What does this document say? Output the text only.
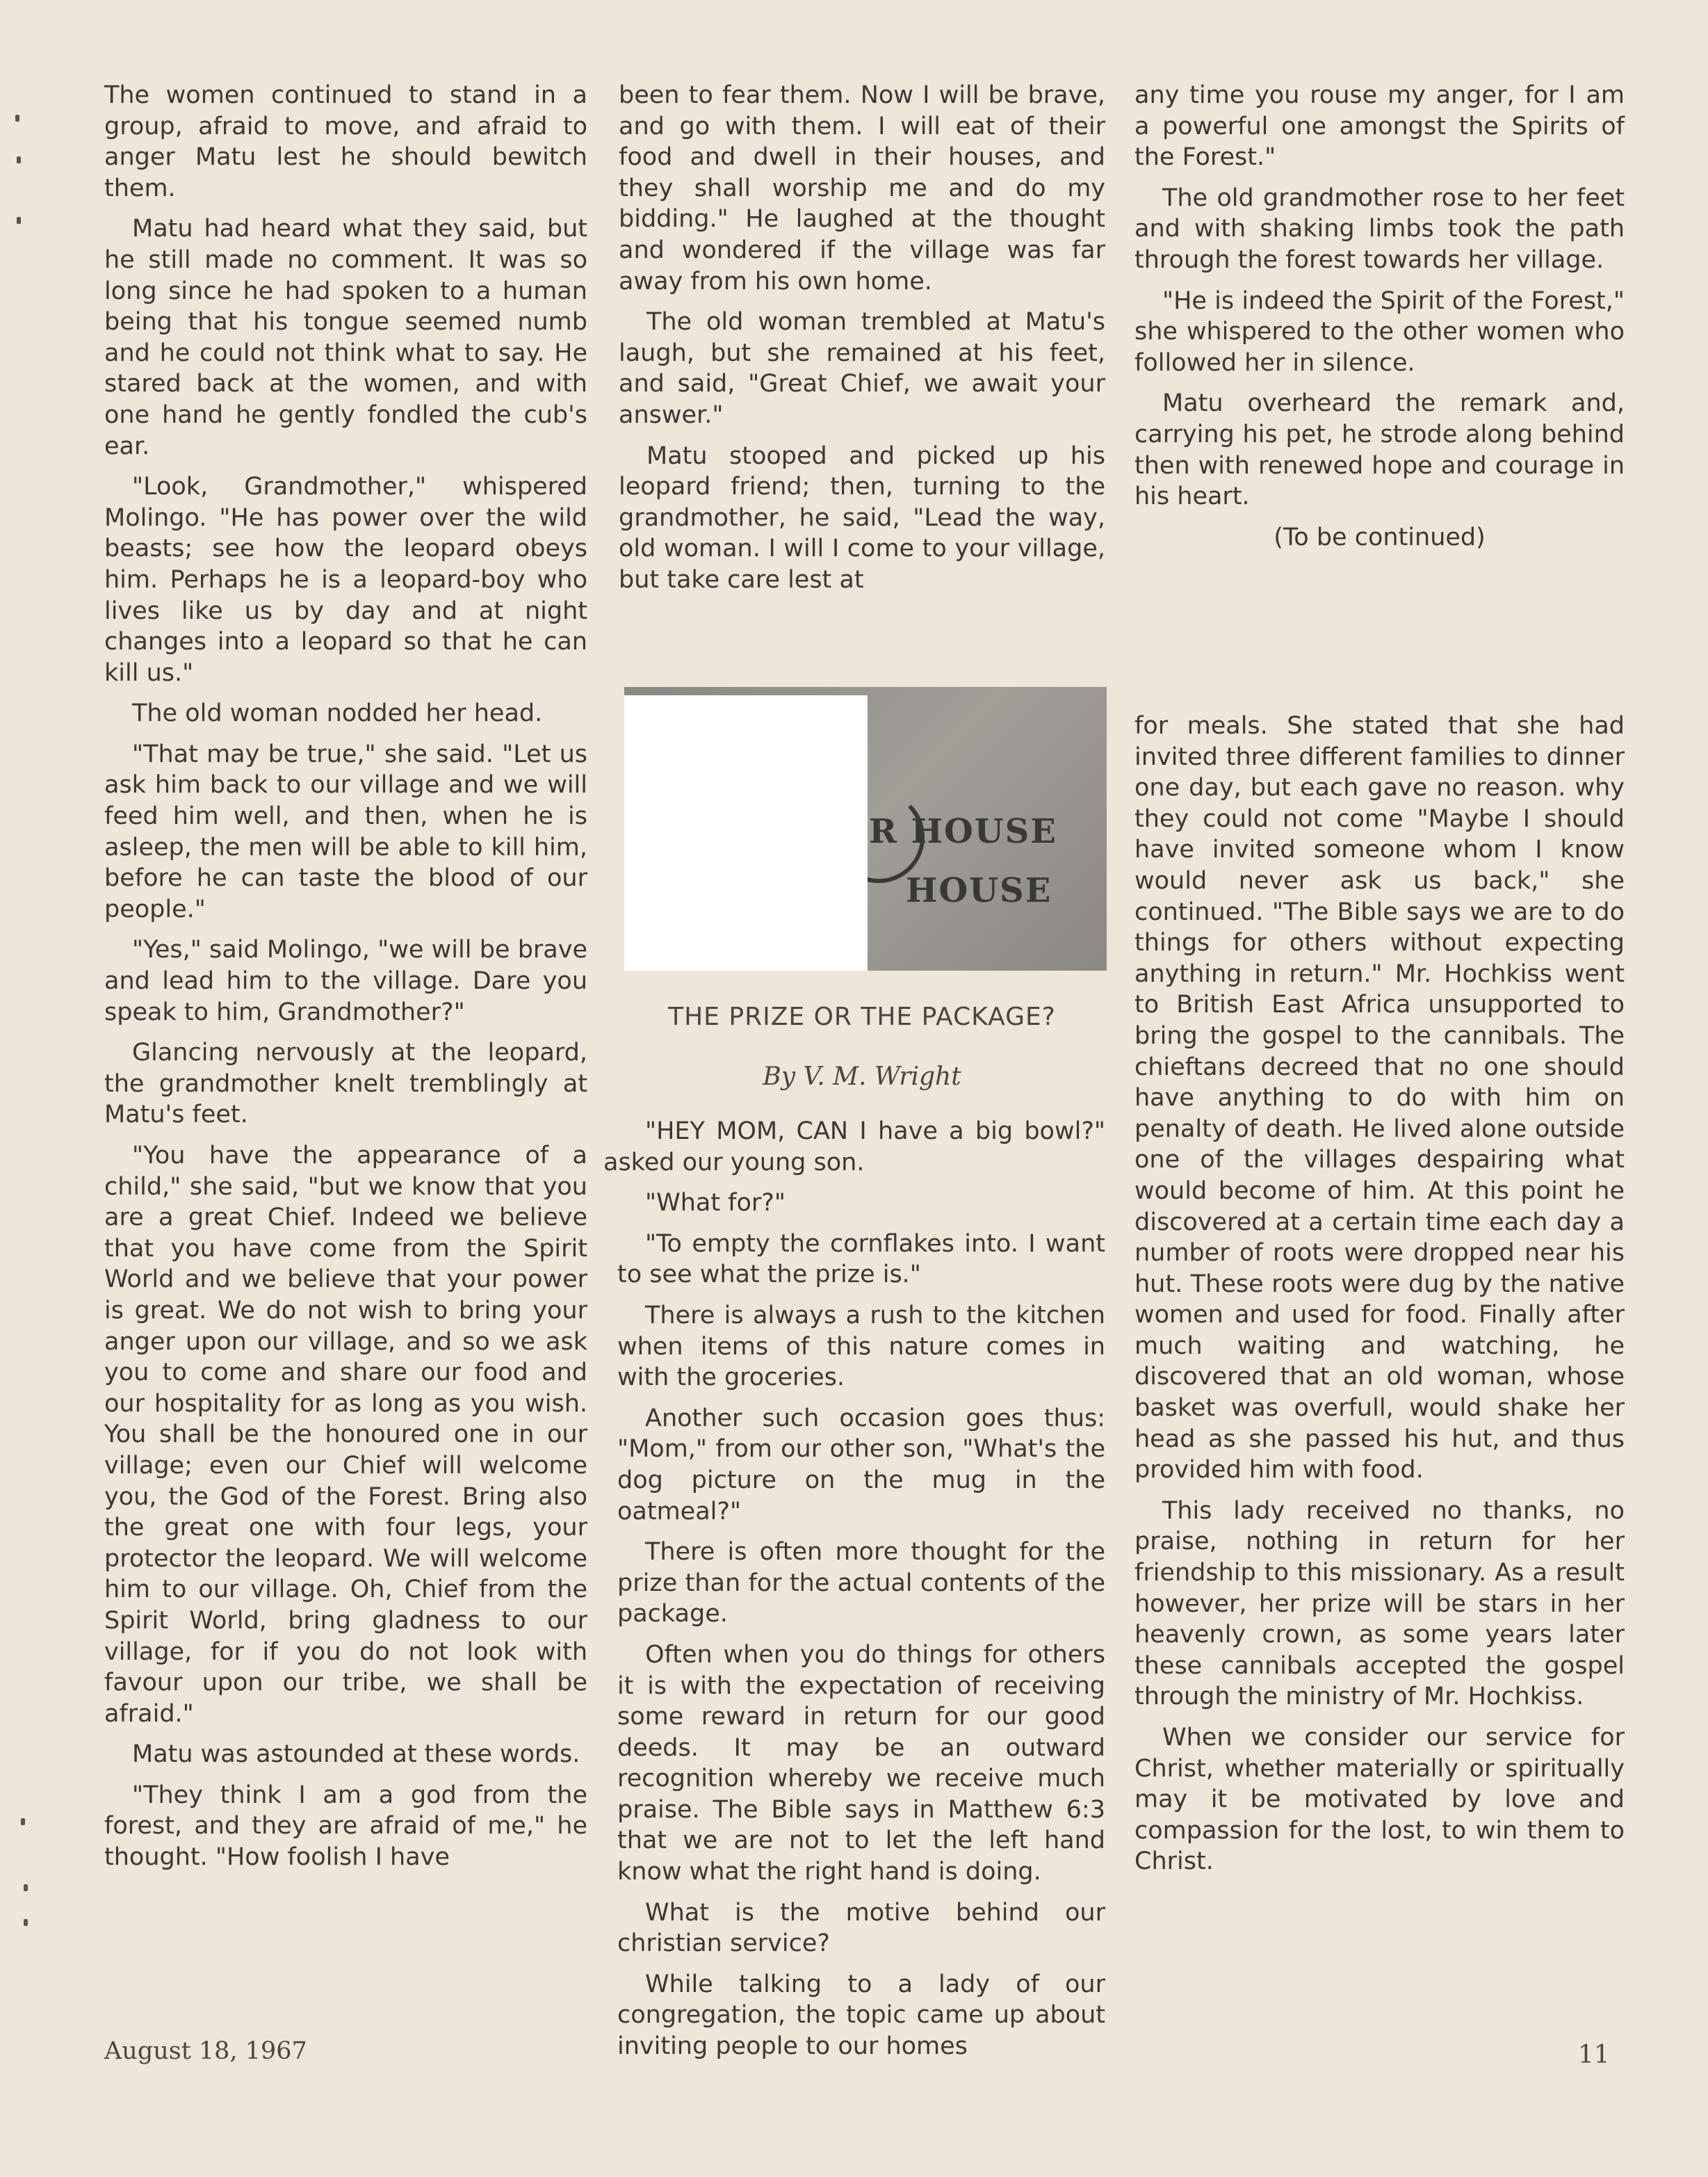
The women continued to stand in a group, afraid to move, and afraid to anger Matu lest he should bewitch them.

Matu had heard what they said, but he still made no comment. It was so long since he had spoken to a human being that his tongue seemed numb and he could not think what to say. He stared back at the women, and with one hand he gently fondled the cub's ear.

"Look, Grandmother," whispered Molingo. "He has power over the wild beasts; see how the leopard obeys him. Perhaps he is a leopard-boy who lives like us by day and at night changes into a leopard so that he can kill us."

The old woman nodded her head.

"That may be true," she said. "Let us ask him back to our village and we will feed him well, and then, when he is asleep, the men will be able to kill him, before he can taste the blood of our people."

"Yes," said Molingo, "we will be brave and lead him to the village. Dare you speak to him, Grandmother?"

Glancing nervously at the leopard, the grandmother knelt tremblingly at Matu's feet.

"You have the appearance of a child," she said, "but we know that you are a great Chief. Indeed we believe that you have come from the Spirit World and we believe that your power is great. We do not wish to bring your anger upon our village, and so we ask you to come and share our food and our hospitality for as long as you wish. You shall be the honoured one in our village; even our Chief will welcome you, the God of the Forest. Bring also the great one with four legs, your protector the leopard. We will welcome him to our village. Oh, Chief from the Spirit World, bring gladness to our village, for if you do not look with favour upon our tribe, we shall be afraid."

Matu was astounded at these words.

"They think I am a god from the forest, and they are afraid of me," he thought. "How foolish I have

been to fear them. Now I will be brave, and go with them. I will eat of their food and dwell in their houses, and they shall worship me and do my bidding." He laughed at the thought and wondered if the village was far away from his own home.

The old woman trembled at Matu's laugh, but she remained at his feet, and said, "Great Chief, we await your answer."

Matu stooped and picked up his leopard friend; then, turning to the grandmother, he said, "Lead the way, old woman. I will I come to your village, but take care lest at

any time you rouse my anger, for I am a powerful one amongst the Spirits of the Forest."

The old grandmother rose to her feet and with shaking limbs took the path through the forest towards her village.

"He is indeed the Spirit of the Forest," she whispered to the other women who followed her in silence.

Matu overheard the remark and, carrying his pet, he strode along behind then with renewed hope and courage in his heart.

(To be continued)

R HOUSE
HOUSE
THE PRIZE OR THE PACKAGE?
By V. M. Wright

"HEY MOM, CAN I have a big bowl?" asked our young son.

"What for?"

"To empty the cornflakes into. I want to see what the prize is."

There is always a rush to the kitchen when items of this nature comes in with the groceries.

Another such occasion goes thus: "Mom," from our other son, "What's the dog picture on the mug in the oatmeal?"

There is often more thought for the prize than for the actual contents of the package.

Often when you do things for others it is with the expectation of receiving some reward in return for our good deeds. It may be an outward recognition whereby we receive much praise. The Bible says in Matthew 6:3 that we are not to let the left hand know what the right hand is doing.

What is the motive behind our christian service?

While talking to a lady of our congregation, the topic came up about inviting people to our homes

for meals. She stated that she had invited three different families to dinner one day, but each gave no reason. why they could not come "Maybe I should have invited someone whom I know would never ask us back," she continued. "The Bible says we are to do things for others without expecting anything in return." Mr. Hochkiss went to British East Africa unsupported to bring the gospel to the cannibals. The chieftans decreed that no one should have anything to do with him on penalty of death. He lived alone outside one of the villages despairing what would become of him. At this point he discovered at a certain time each day a number of roots were dropped near his hut. These roots were dug by the native women and used for food. Finally after much waiting and watching, he discovered that an old woman, whose basket was overfull, would shake her head as she passed his hut, and thus provided him with food.

This lady received no thanks, no praise, nothing in return for her friendship to this missionary. As a result however, her prize will be stars in her heavenly crown, as some years later these cannibals accepted the gospel through the ministry of Mr. Hochkiss.

When we consider our service for Christ, whether materially or spiritually may it be motivated by love and compassion for the lost, to win them to Christ.

August 18, 1967	11
